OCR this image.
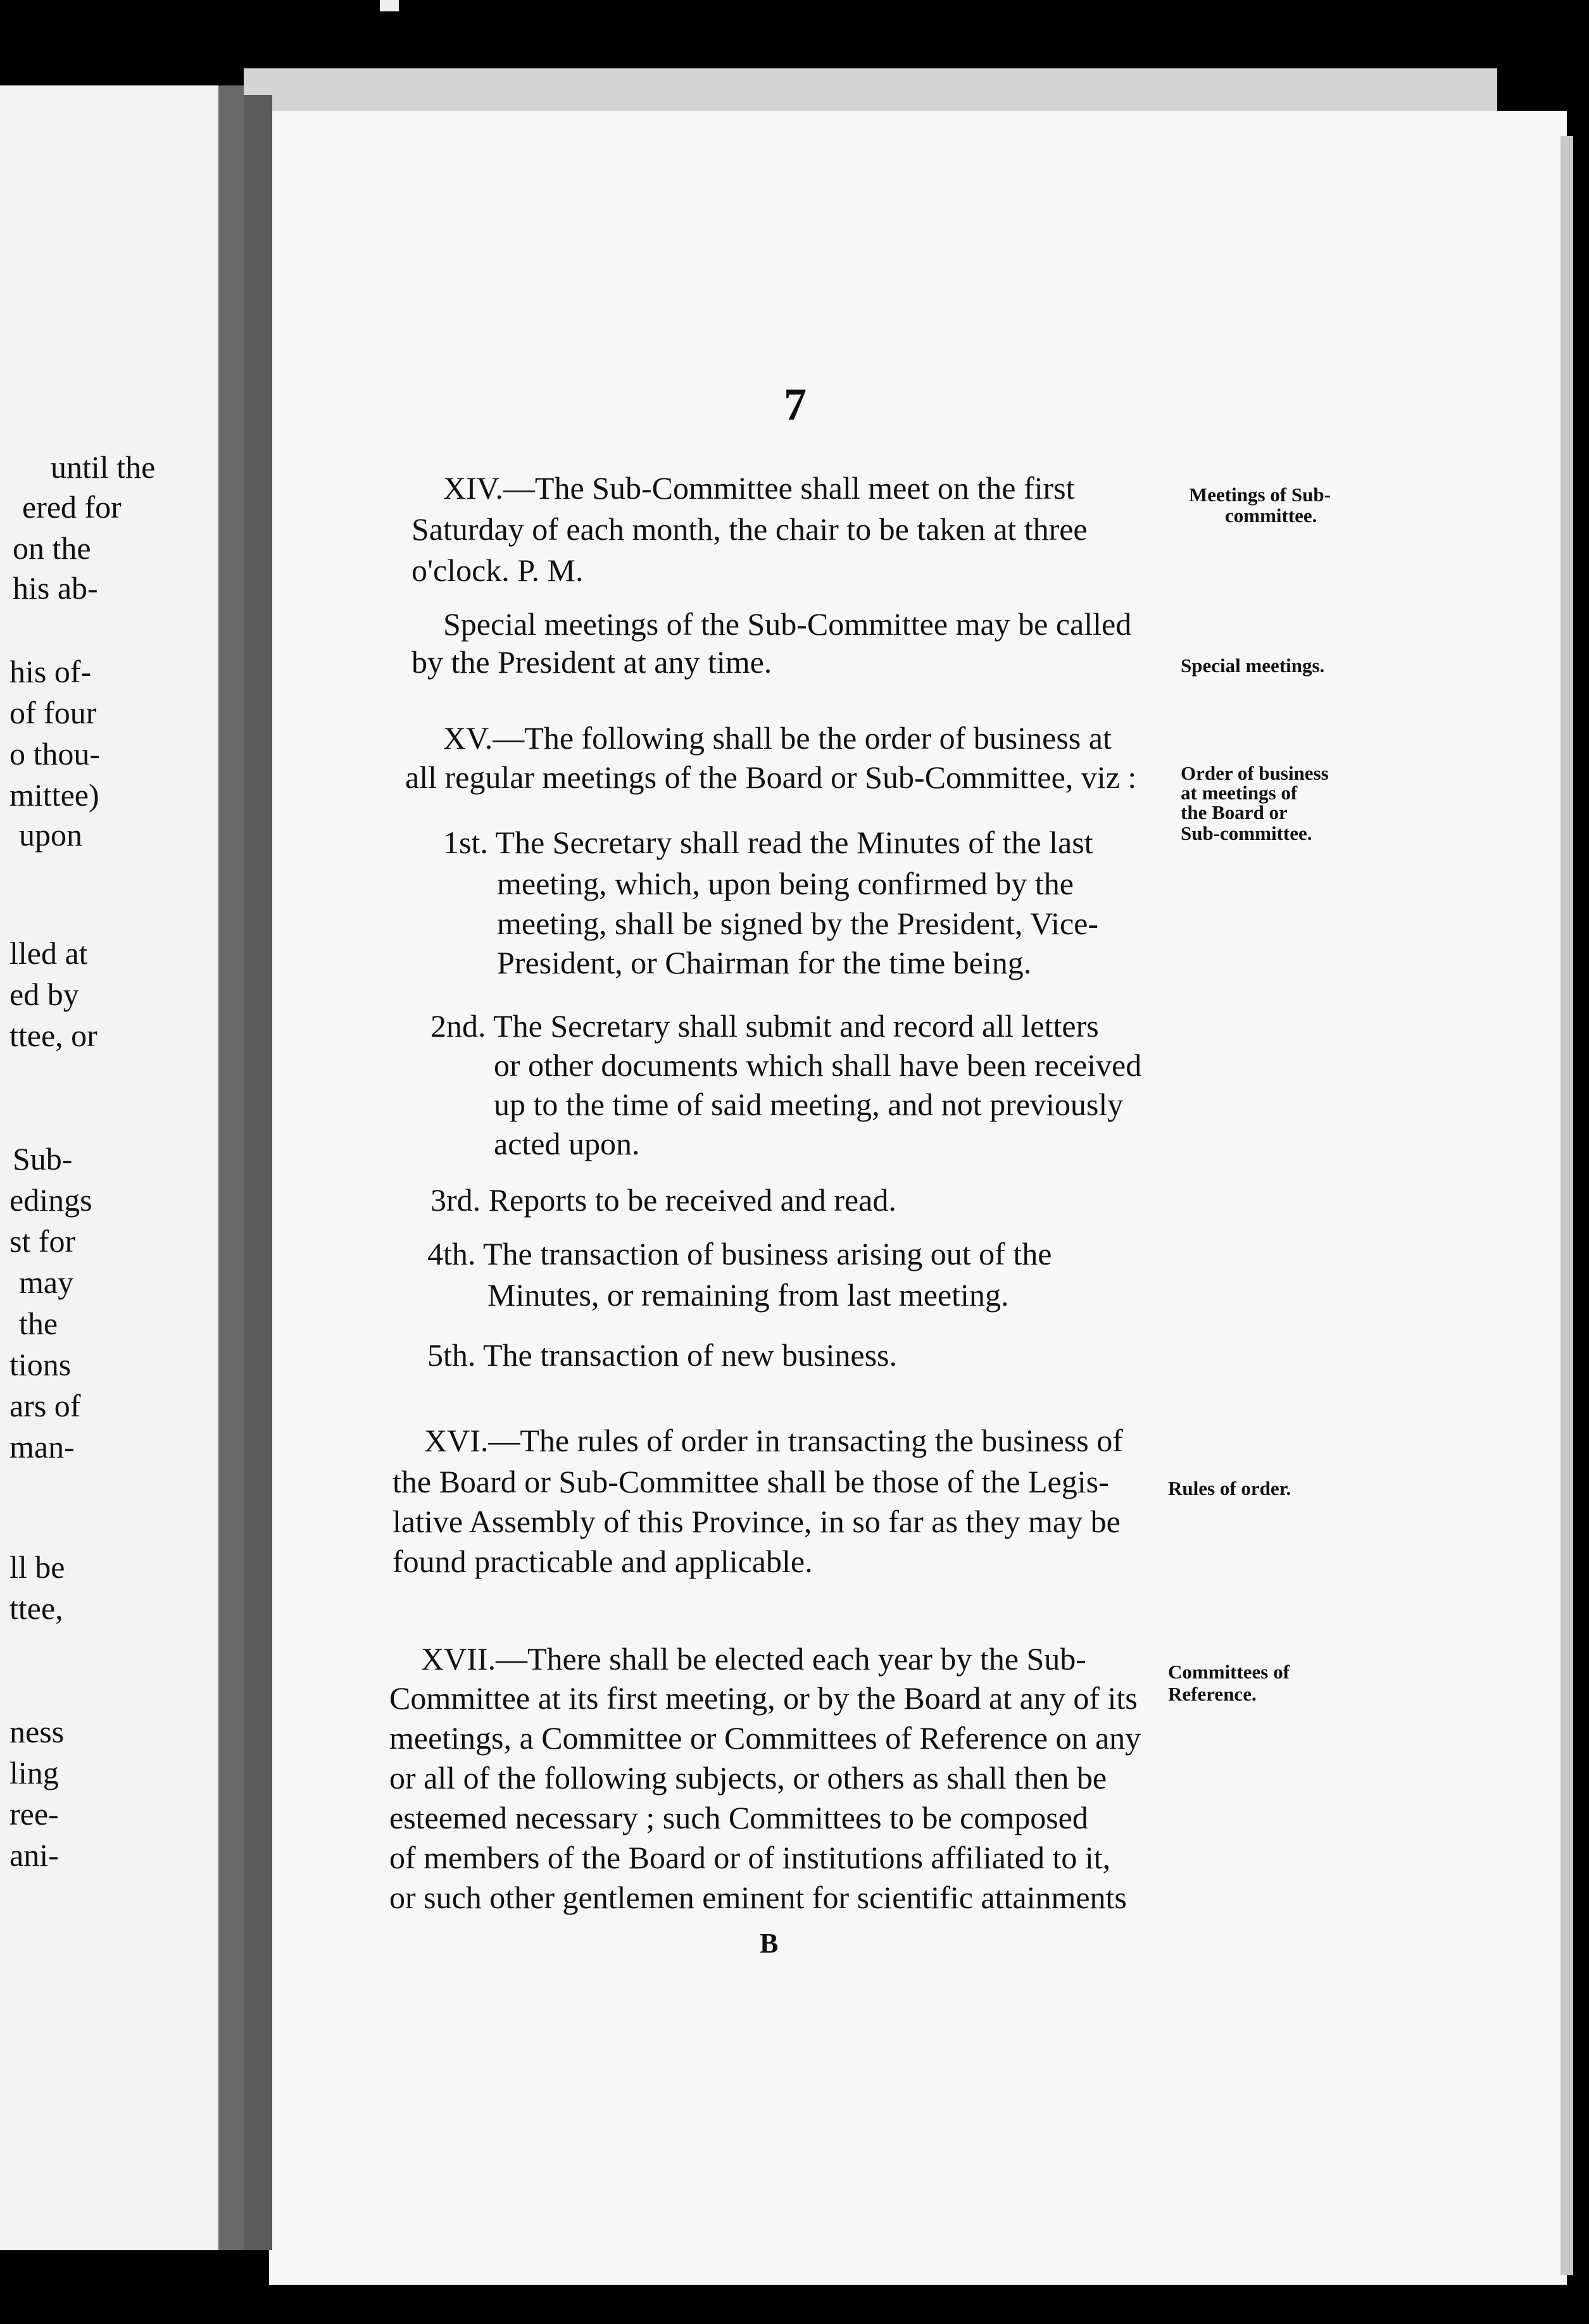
until the
ered for
on the
his ab-
his of-
of four
o thou-
mittee)
upon
lled at
ed by
ttee, or
Sub-
edings
st for
may
the
tions
ars of
man-
ll be
ttee,
ness
ling
ree-
ani-
7
XIV.—The Sub-Committee shall meet on the first
Saturday of each month, the chair to be taken at three
o'clock. P. M.
Special meetings of the Sub-Committee may be called
by the President at any time.
XV.—The following shall be the order of business at
all regular meetings of the Board or Sub-Committee, viz :
1st. The Secretary shall read the Minutes of the last
meeting, which, upon being confirmed by the
meeting, shall be signed by the President, Vice-
President, or Chairman for the time being.
2nd. The Secretary shall submit and record all letters
or other documents which shall have been received
up to the time of said meeting, and not previously
acted upon.
3rd. Reports to be received and read.
4th. The transaction of business arising out of the
Minutes, or remaining from last meeting.
5th. The transaction of new business.
XVI.—The rules of order in transacting the business of
the Board or Sub-Committee shall be those of the Legis-
lative Assembly of this Province, in so far as they may be
found practicable and applicable.
XVII.—There shall be elected each year by the Sub-
Committee at its first meeting, or by the Board at any of its
meetings, a Committee or Committees of Reference on any
or all of the following subjects, or others as shall then be
esteemed necessary ; such Committees to be composed
of members of the Board or of institutions affiliated to it,
or such other gentlemen eminent for scientific attainments
B
Meetings of Sub-
committee.
Special meetings.
Order of business
at meetings of
the Board or
Sub-committee.
Rules of order.
Committees of
Reference.
